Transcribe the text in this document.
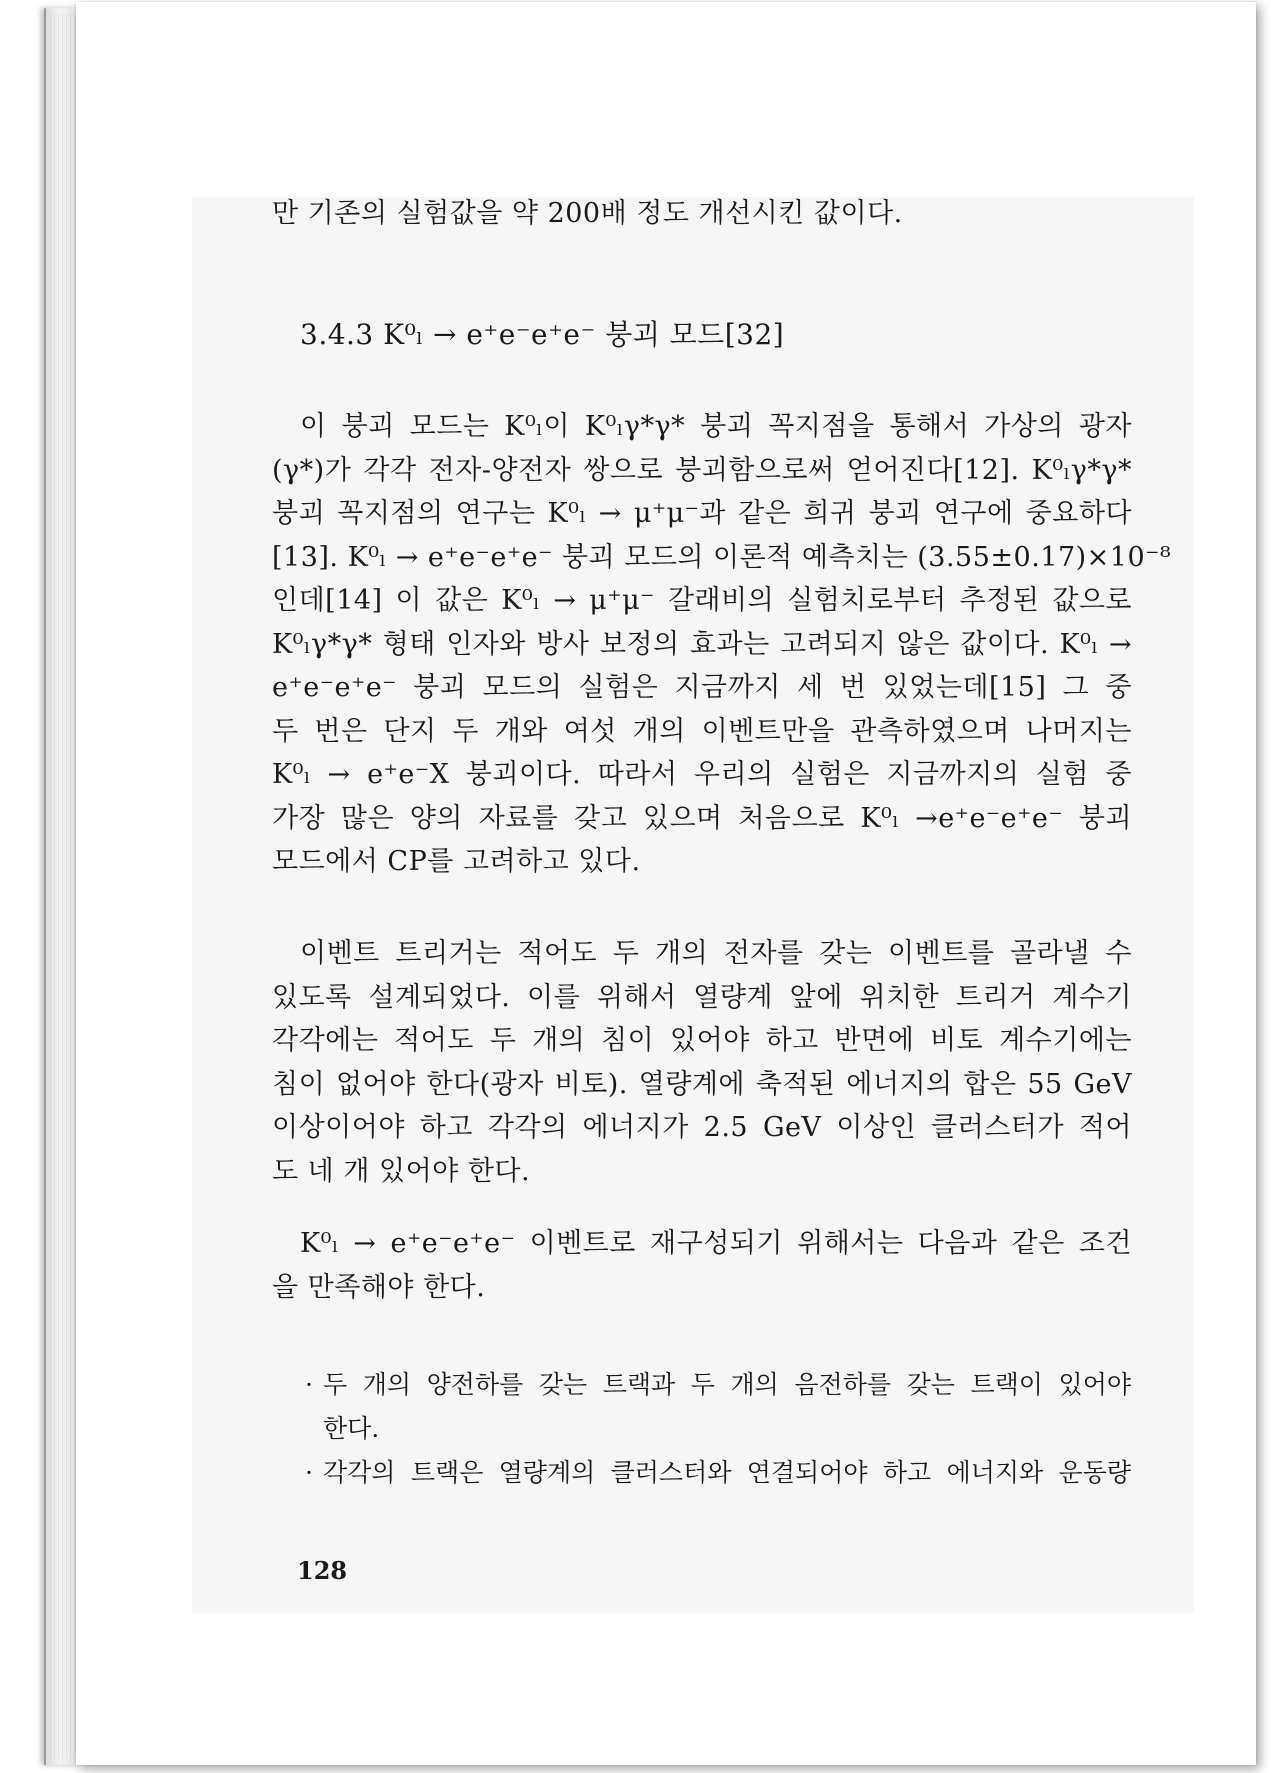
만 기존의 실험값을 약 200배 정도 개선시킨 값이다.
3.4.3 K⁰ₗ → e⁺e⁻e⁺e⁻ 붕괴 모드[32]
이 붕괴 모드는 K⁰ₗ이 K⁰ₗγ*γ* 붕괴 꼭지점을 통해서 가상의 광자
(γ*)가 각각 전자-양전자 쌍으로 붕괴함으로써 얻어진다[12]. K⁰ₗγ*γ*
붕괴 꼭지점의 연구는 K⁰ₗ → μ⁺μ⁻과 같은 희귀 붕괴 연구에 중요하다
[13]. K⁰ₗ → e⁺e⁻e⁺e⁻ 붕괴 모드의 이론적 예측치는 (3.55±0.17)×10⁻⁸
인데[14] 이 값은 K⁰ₗ → μ⁺μ⁻ 갈래비의 실험치로부터 추정된 값으로
K⁰ₗγ*γ* 형태 인자와 방사 보정의 효과는 고려되지 않은 값이다. K⁰ₗ →
e⁺e⁻e⁺e⁻ 붕괴 모드의 실험은 지금까지 세 번 있었는데[15] 그 중
두 번은 단지 두 개와 여섯 개의 이벤트만을 관측하였으며 나머지는
K⁰ₗ → e⁺e⁻X 붕괴이다. 따라서 우리의 실험은 지금까지의 실험 중
가장 많은 양의 자료를 갖고 있으며 처음으로 K⁰ₗ →e⁺e⁻e⁺e⁻ 붕괴
모드에서 CP를 고려하고 있다.
이벤트 트리거는 적어도 두 개의 전자를 갖는 이벤트를 골라낼 수
있도록 설계되었다. 이를 위해서 열량계 앞에 위치한 트리거 계수기
각각에는 적어도 두 개의 침이 있어야 하고 반면에 비토 계수기에는
침이 없어야 한다(광자 비토). 열량계에 축적된 에너지의 합은 55 GeV
이상이어야 하고 각각의 에너지가 2.5 GeV 이상인 클러스터가 적어
도 네 개 있어야 한다.
K⁰ₗ → e⁺e⁻e⁺e⁻ 이벤트로 재구성되기 위해서는 다음과 같은 조건
을 만족해야 한다.
· 두 개의 양전하를 갖는 트랙과 두 개의 음전하를 갖는 트랙이 있어야
한다.
· 각각의 트랙은 열량계의 클러스터와 연결되어야 하고 에너지와 운동량
128
